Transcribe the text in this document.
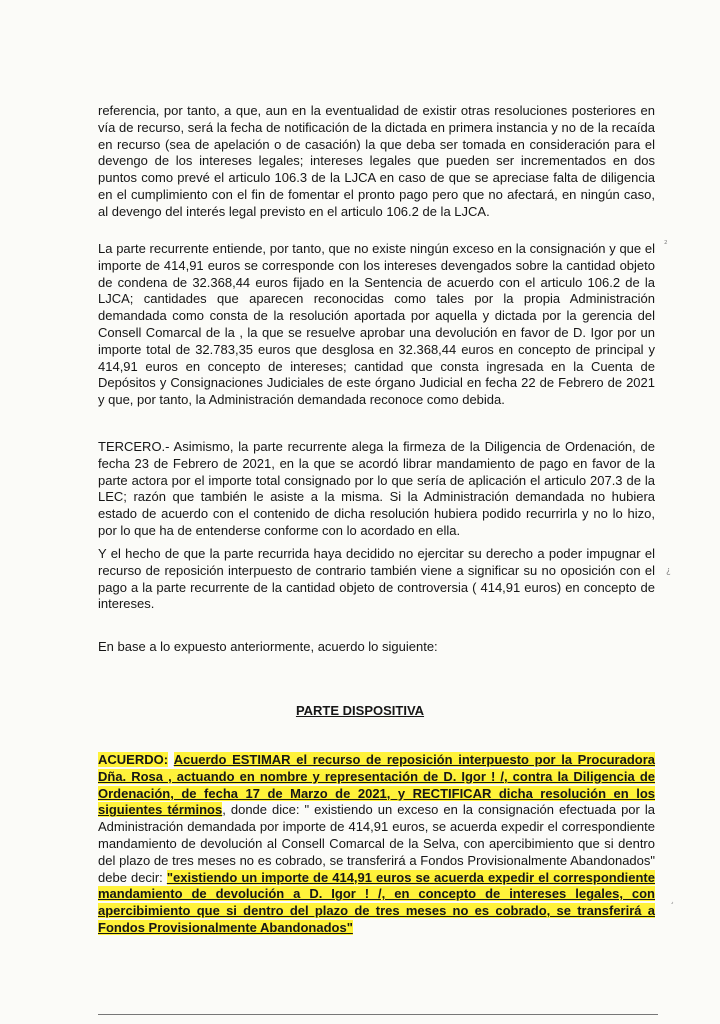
referencia, por tanto, a que, aun en la eventualidad de existir otras resoluciones posteriores en vía de recurso, será la fecha de notificación de la dictada en primera instancia y no de la recaída en recurso (sea de apelación o de casación) la que deba ser tomada en consideración para el devengo de los intereses legales; intereses legales que pueden ser incrementados en dos puntos como prevé el articulo 106.3 de la LJCA en caso de que se apreciase falta de diligencia en el cumplimiento con el fin de fomentar el pronto pago pero que no afectará, en ningún caso, al devengo del interés legal previsto en el articulo 106.2 de la LJCA.

La parte recurrente entiende, por tanto, que no existe ningún exceso en la consignación y que el importe de 414,91 euros se corresponde con los intereses devengados sobre la cantidad objeto de condena de 32.368,44 euros fijado en la Sentencia de acuerdo con el articulo 106.2 de la LJCA; cantidades que aparecen reconocidas como tales por la propia Administración demandada como consta de la resolución aportada por aquella y dictada por la gerencia del Consell Comarcal de la , la que se resuelve aprobar una devolución en favor de D. Igor por un importe total de 32.783,35 euros que desglosa en 32.368,44 euros en concepto de principal y 414,91 euros en concepto de intereses; cantidad que consta ingresada en la Cuenta de Depósitos y Consignaciones Judiciales de este órgano Judicial en fecha 22 de Febrero de 2021 y que, por tanto, la Administración demandada reconoce como debida.

TERCERO.- Asimismo, la parte recurrente alega la firmeza de la Diligencia de Ordenación, de fecha 23 de Febrero de 2021, en la que se acordó librar mandamiento de pago en favor de la parte actora por el importe total consignado por lo que sería de aplicación el articulo 207.3 de la LEC; razón que también le asiste a la misma. Si la Administración demandada no hubiera estado de acuerdo con el contenido de dicha resolución hubiera podido recurrirla y no lo hizo, por lo que ha de entenderse conforme con lo acordado en ella.

Y el hecho de que la parte recurrida haya decidido no ejercitar su derecho a poder impugnar el recurso de reposición interpuesto de contrario también viene a significar su no oposición con el pago a la parte recurrente de la cantidad objeto de controversia ( 414,91 euros) en concepto de intereses.

En base a lo expuesto anteriormente, acuerdo lo siguiente:

PARTE DISPOSITIVA

ACUERDO: Acuerdo ESTIMAR el recurso de reposición interpuesto por la Procuradora Dña. Rosa , actuando en nombre y representación de D. Igor ! /, contra la Diligencia de Ordenación, de fecha 17 de Marzo de 2021, y RECTIFICAR dicha resolución en los siguientes términos, donde dice: " existiendo un exceso en la consignación efectuada por la Administración demandada por importe de 414,91 euros, se acuerda expedir el correspondiente mandamiento de devolución al Consell Comarcal de la Selva, con apercibimiento que si dentro del plazo de tres meses no es cobrado, se transferirá a Fondos Provisionalmente Abandonados" debe decir: "existiendo un importe de 414,91 euros se acuerda expedir el correspondiente mandamiento de devolución a D. Igor ! /, en concepto de intereses legales, con apercibimiento que si dentro del plazo de tres meses no es cobrado, se transferirá a Fondos Provisionalmente Abandonados"

²
¿
¸
